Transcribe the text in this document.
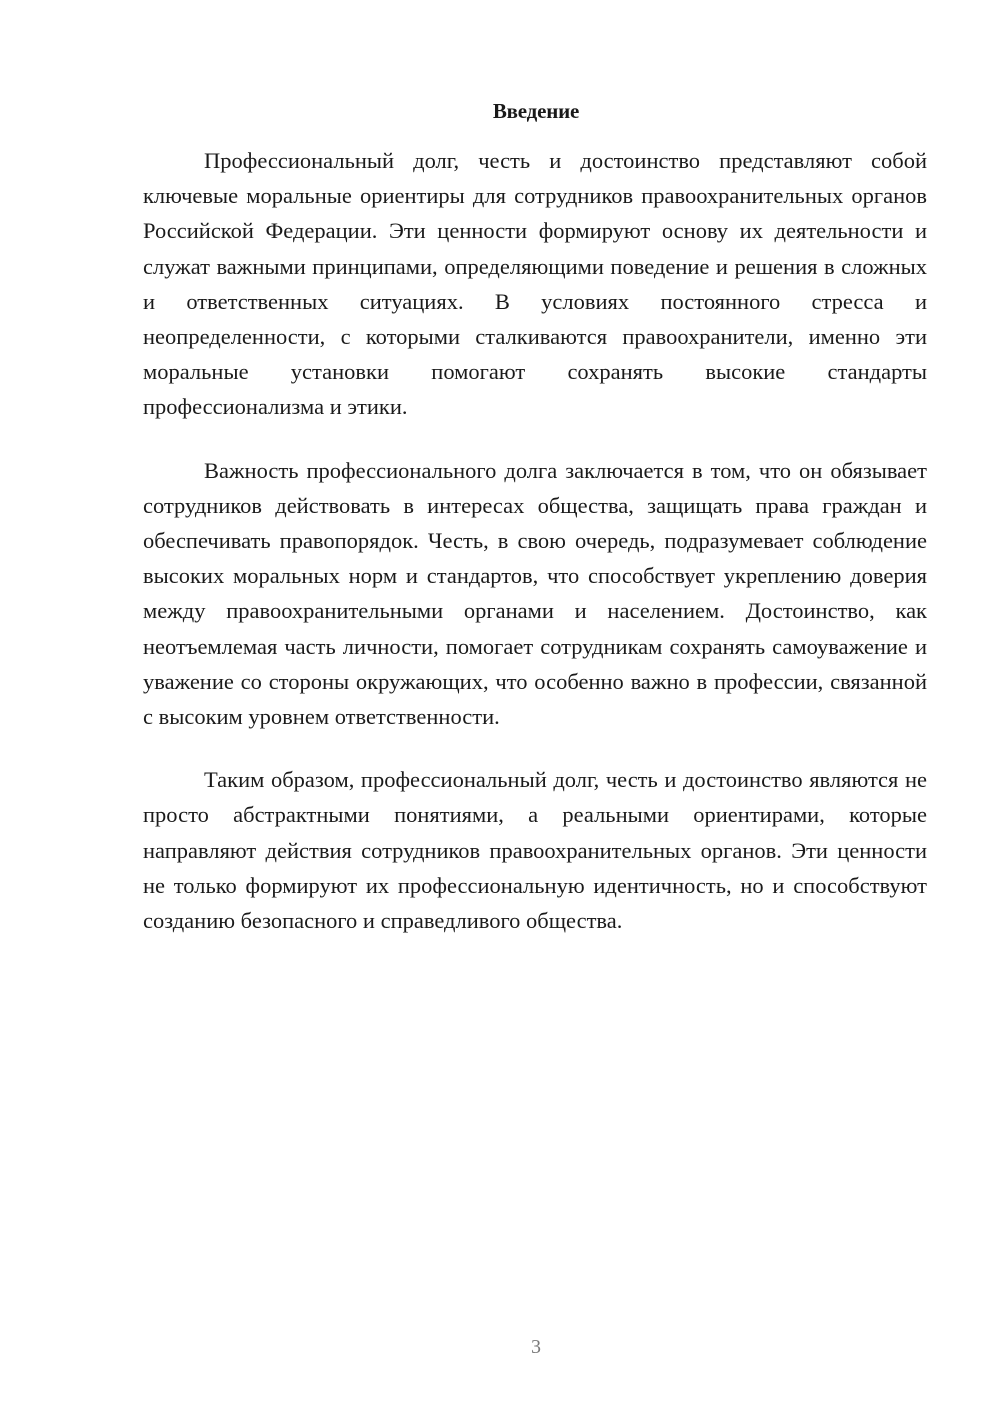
Введение

Профессиональный долг, честь и достоинство представляют собой ключевые моральные ориентиры для сотрудников правоохранительных органов Российской Федерации. Эти ценности формируют основу их деятельности и служат важными принципами, определяющими поведение и решения в сложных и ответственных ситуациях. В условиях постоянного стресса и неопределенности, с которыми сталкиваются правоохранители, именно эти моральные установки помогают сохранять высокие стандарты профессионализма и этики.

Важность профессионального долга заключается в том, что он обязывает сотрудников действовать в интересах общества, защищать права граждан и обеспечивать правопорядок. Честь, в свою очередь, подразумевает соблюдение высоких моральных норм и стандартов, что способствует укреплению доверия между правоохранительными органами и населением. Достоинство, как неотъемлемая часть личности, помогает сотрудникам сохранять самоуважение и уважение со стороны окружающих, что особенно важно в профессии, связанной с высоким уровнем ответственности.

Таким образом, профессиональный долг, честь и достоинство являются не просто абстрактными понятиями, а реальными ориентирами, которые направляют действия сотрудников правоохранительных органов. Эти ценности не только формируют их профессиональную идентичность, но и способствуют созданию безопасного и справедливого общества.

3
